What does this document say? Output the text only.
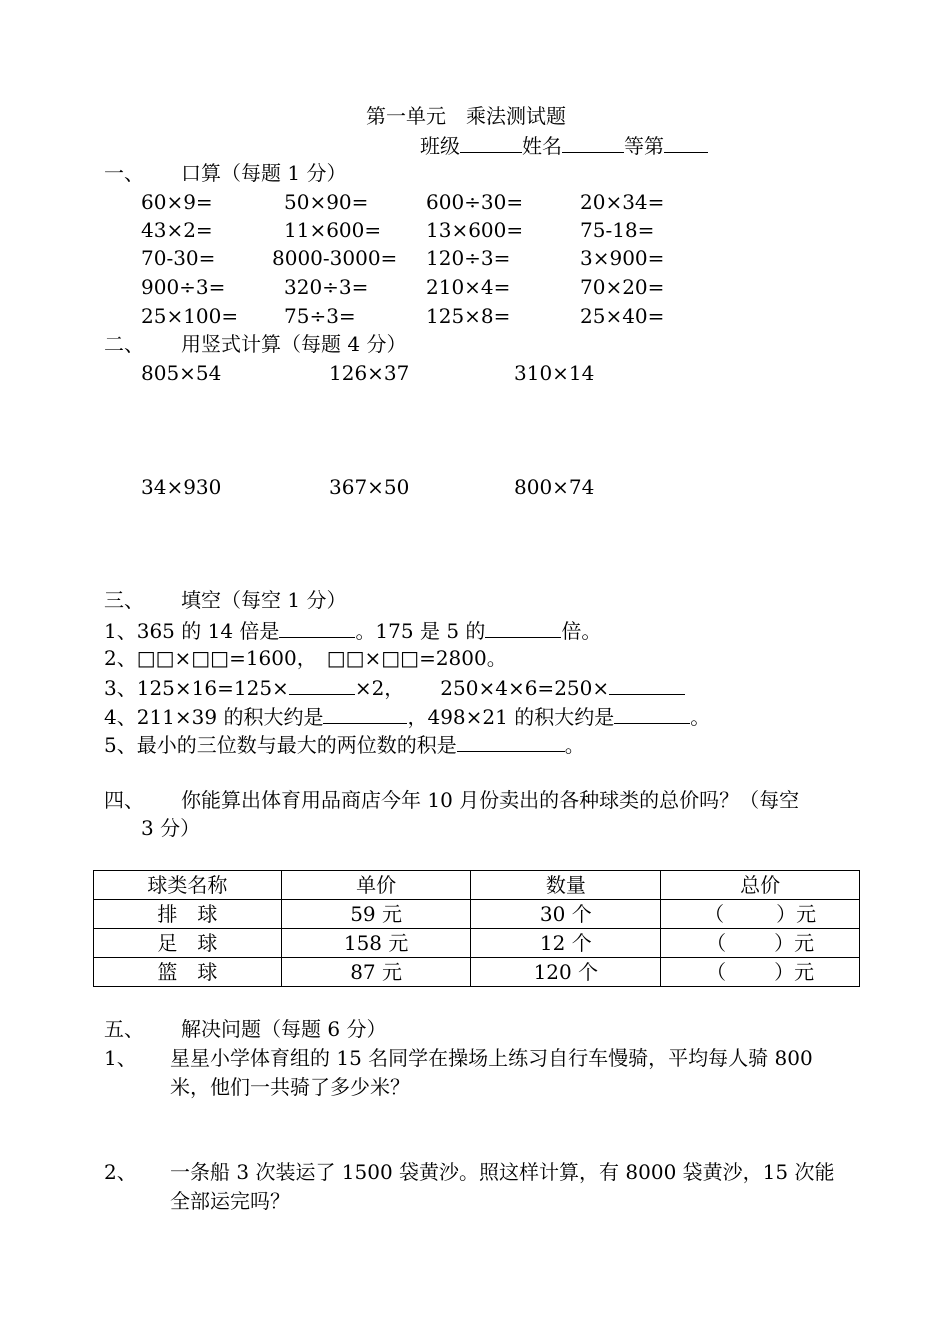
第一单元　乘法测试题
班级	姓名	等第
一、 口算（每题 1 分）
60×9=	50×90=	600÷30=	20×34=
43×2=	11×600= 13×600=	75-18=
70-30=	8000-3000= 120÷3=	3×900=
900÷3=	320÷3=	210×4=	70×20=
25×100= 75÷3=	125×8=	25×40=
二、 用竖式计算（每题 4 分）
805×54	126×37	310×14
34×930	367×50	800×74
三、 填空（每空 1 分）
1、365 的 14 倍是	。175 是 5 的	倍。
2、□□×□□=1600，　□□×□□=2800。
3、125×16=125×	×2， 250×4×6=250×
4、211×39 的积大约是	，498×21 的积大约是	。
5、最小的三位数与最大的两位数的积是	。
四、 你能算出体育用品商店今年 10 月份卖出的各种球类的总价吗？（每空
3 分）
球类名称	单价	数量	总价
排　球	59 元	30 个	（ ）元
足　球	158 元	12 个	（ ）元
篮　球	87 元	120 个	（ ）元
五、 解决问题（每题 6 分）
1、 星星小学体育组的 15 名同学在操场上练习自行车慢骑，平均每人骑 800
米，他们一共骑了多少米？
2、 一条船 3 次装运了 1500 袋黄沙。照这样计算，有 8000 袋黄沙，15 次能
全部运完吗？
